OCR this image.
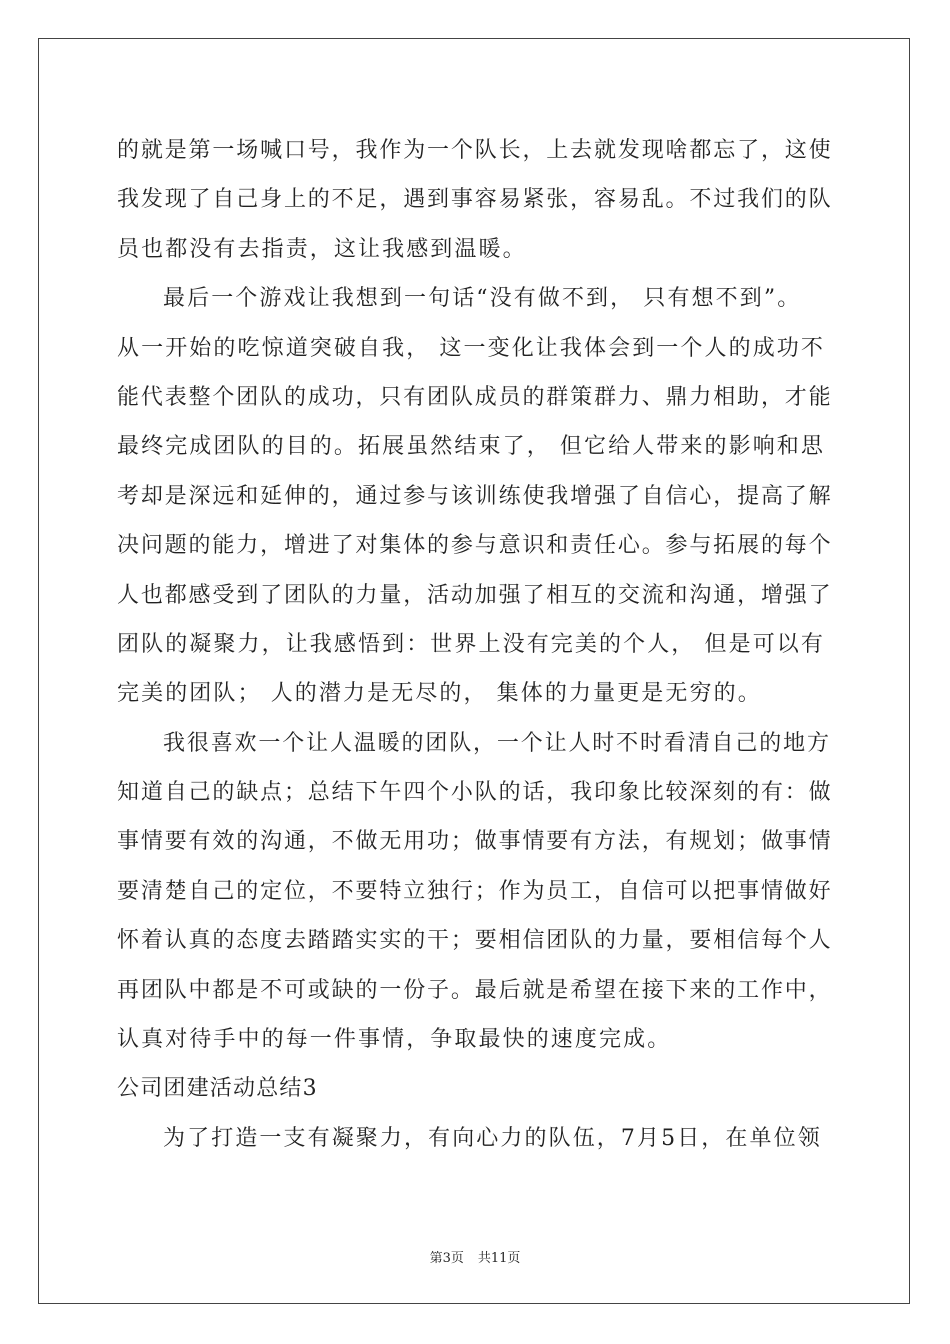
的就是第一场喊口号，我作为一个队长，上去就发现啥都忘了，这使
我发现了自己身上的不足，遇到事容易紧张，容易乱。不过我们的队
员也都没有去指责，这让我感到温暖。
最后一个游戏让我想到一句话“没有做不到， 只有想不到”。
从一开始的吃惊道突破自我， 这一变化让我体会到一个人的成功不
能代表整个团队的成功，只有团队成员的群策群力、鼎力相助，才能
最终完成团队的目的。拓展虽然结束了， 但它给人带来的影响和思
考却是深远和延伸的，通过参与该训练使我增强了自信心，提高了解
决问题的能力，增进了对集体的参与意识和责任心。参与拓展的每个
人也都感受到了团队的力量，活动加强了相互的交流和沟通，增强了
团队的凝聚力，让我感悟到：世界上没有完美的个人， 但是可以有
完美的团队； 人的潜力是无尽的， 集体的力量更是无穷的。
我很喜欢一个让人温暖的团队，一个让人时不时看清自己的地方
知道自己的缺点；总结下午四个小队的话，我印象比较深刻的有：做
事情要有效的沟通，不做无用功；做事情要有方法，有规划；做事情
要清楚自己的定位，不要特立独行；作为员工，自信可以把事情做好
怀着认真的态度去踏踏实实的干；要相信团队的力量，要相信每个人
再团队中都是不可或缺的一份子。最后就是希望在接下来的工作中，
认真对待手中的每一件事情，争取最快的速度完成。
公司团建活动总结3
为了打造一支有凝聚力，有向心力的队伍，7月5日，在单位领
第3页 共11页
